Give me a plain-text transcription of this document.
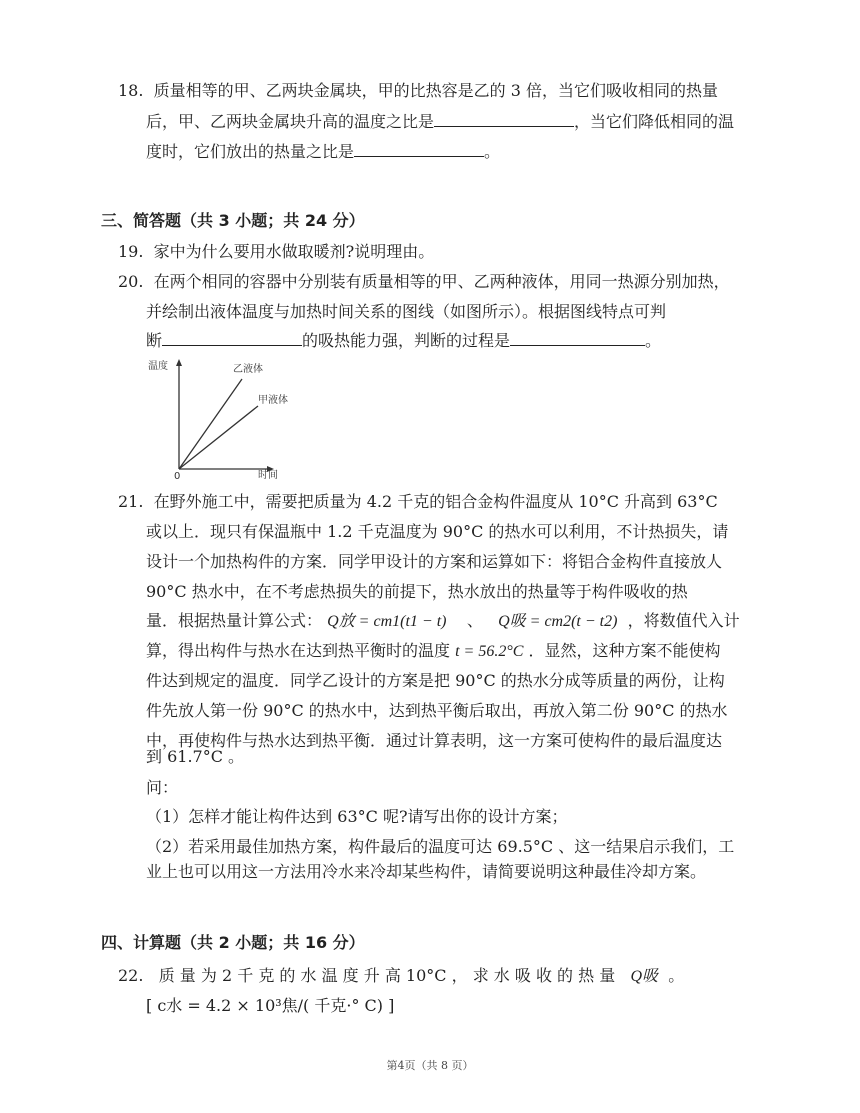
18. 质量相等的甲、乙两块金属块，甲的比热容是乙的 3 倍，当它们吸收相同的热量
后，甲、乙两块金属块升高的温度之比是	，当它们降低相同的温
度时，它们放出的热量之比是	。
三、简答题（共 3 小题；共 24 分）
19. 家中为什么要用水做取暖剂?说明理由。
20. 在两个相同的容器中分别装有质量相等的甲、乙两种液体，用同一热源分别加热，
并绘制出液体温度与加热时间关系的图线（如图所示）。根据图线特点可判
断	的吸热能力强，判断的过程是	。
温度
时间
0
乙液体
甲液体
21. 在野外施工中，需要把质量为 4.2 千克的铝合金构件温度从 10°C 升高到 63°C
或以上．现只有保温瓶中 1.2 千克温度为 90°C 的热水可以利用，不计热损失，请
设计一个加热构件的方案．同学甲设计的方案和运算如下：将铝合金构件直接放人
90°C 热水中，在不考虑热损失的前提下，热水放出的热量等于构件吸收的热
量．根据热量计算公式： Q放 = cm1(t1 − t) 、 Q吸 = cm2(t − t2) ，将数值代入计
算，得出构件与热水在达到热平衡时的温度 t = 56.2°C ．显然，这种方案不能使构
件达到规定的温度．同学乙设计的方案是把 90°C 的热水分成等质量的两份，让构
件先放人第一份 90°C 的热水中，达到热平衡后取出，再放入第二份 90°C 的热水
中，再使构件与热水达到热平衡．通过计算表明，这一方案可使构件的最后温度达
到 61.7°C 。
问：
（1）怎样才能让构件达到 63°C 呢?请写出你的设计方案；
（2）若采用最佳加热方案，构件最后的温度可达 69.5°C 、这一结果启示我们，工
业上也可以用这一方法用冷水来冷却某些构件，请简要说明这种最佳冷却方案。
四、计算题（共 2 小题；共 16 分）
22. 质 量 为 2 千 克 的 水 温 度 升 高 10°C ， 求 水 吸 收 的 热 量 Q吸 。
[ c水 = 4.2 × 10³焦/( 千克·° C) ]
第4页（共 8 页）
